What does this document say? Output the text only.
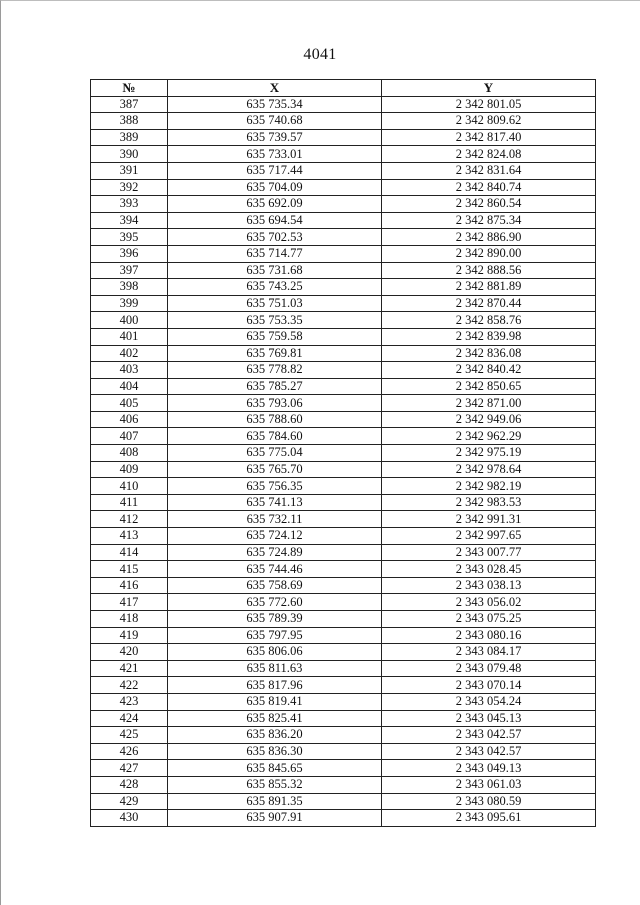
4041
№	X	Y
387	635 735.34	2 342 801.05
388	635 740.68	2 342 809.62
389	635 739.57	2 342 817.40
390	635 733.01	2 342 824.08
391	635 717.44	2 342 831.64
392	635 704.09	2 342 840.74
393	635 692.09	2 342 860.54
394	635 694.54	2 342 875.34
395	635 702.53	2 342 886.90
396	635 714.77	2 342 890.00
397	635 731.68	2 342 888.56
398	635 743.25	2 342 881.89
399	635 751.03	2 342 870.44
400	635 753.35	2 342 858.76
401	635 759.58	2 342 839.98
402	635 769.81	2 342 836.08
403	635 778.82	2 342 840.42
404	635 785.27	2 342 850.65
405	635 793.06	2 342 871.00
406	635 788.60	2 342 949.06
407	635 784.60	2 342 962.29
408	635 775.04	2 342 975.19
409	635 765.70	2 342 978.64
410	635 756.35	2 342 982.19
411	635 741.13	2 342 983.53
412	635 732.11	2 342 991.31
413	635 724.12	2 342 997.65
414	635 724.89	2 343 007.77
415	635 744.46	2 343 028.45
416	635 758.69	2 343 038.13
417	635 772.60	2 343 056.02
418	635 789.39	2 343 075.25
419	635 797.95	2 343 080.16
420	635 806.06	2 343 084.17
421	635 811.63	2 343 079.48
422	635 817.96	2 343 070.14
423	635 819.41	2 343 054.24
424	635 825.41	2 343 045.13
425	635 836.20	2 343 042.57
426	635 836.30	2 343 042.57
427	635 845.65	2 343 049.13
428	635 855.32	2 343 061.03
429	635 891.35	2 343 080.59
430	635 907.91	2 343 095.61
